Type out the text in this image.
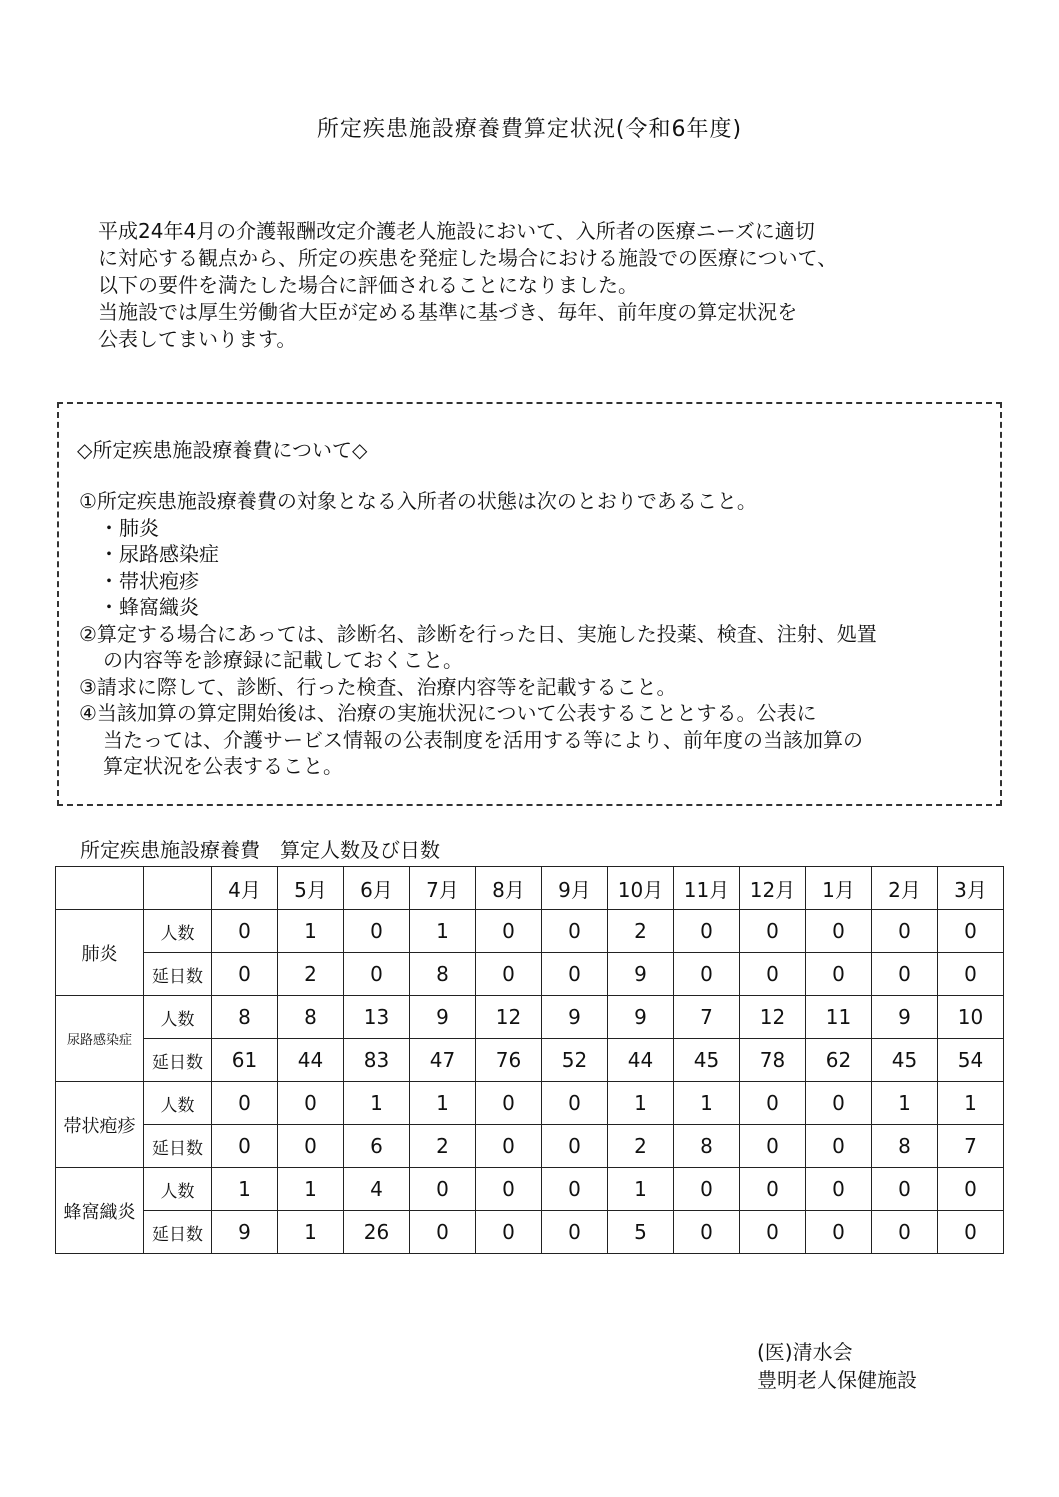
所定疾患施設療養費算定状況(令和6年度)
平成24年4月の介護報酬改定介護老人施設において、入所者の医療ニーズに適切
に対応する観点から、所定の疾患を発症した場合における施設での医療について、
以下の要件を満たした場合に評価されることになりました。
当施設では厚生労働省大臣が定める基準に基づき、毎年、前年度の算定状況を
公表してまいります。
◇所定疾患施設療養費について◇
①所定疾患施設療養費の対象となる入所者の状態は次のとおりであること。
・肺炎
・尿路感染症
・帯状疱疹
・蜂窩織炎
②算定する場合にあっては、診断名、診断を行った日、実施した投薬、検査、注射、処置
の内容等を診療録に記載しておくこと。
③請求に際して、診断、行った検査、治療内容等を記載すること。
④当該加算の算定開始後は、治療の実施状況について公表することとする。公表に
当たっては、介護サービス情報の公表制度を活用する等により、前年度の当該加算の
算定状況を公表すること。
所定疾患施設療養費　算定人数及び日数
		4月	5月	6月	7月	8月	9月	10月	11月	12月	1月	2月	3月
肺炎	人数	0	1	0	1	0	0	2	0	0	0	0	0
	延日数	0	2	0	8	0	0	9	0	0	0	0	0
尿路感染症	人数	8	8	13	9	12	9	9	7	12	11	9	10
	延日数	61	44	83	47	76	52	44	45	78	62	45	54
帯状疱疹	人数	0	0	1	1	0	0	1	1	0	0	1	1
	延日数	0	0	6	2	0	0	2	8	0	0	8	7
蜂窩織炎	人数	1	1	4	0	0	0	1	0	0	0	0	0
	延日数	9	1	26	0	0	0	5	0	0	0	0	0
(医)清水会
豊明老人保健施設
